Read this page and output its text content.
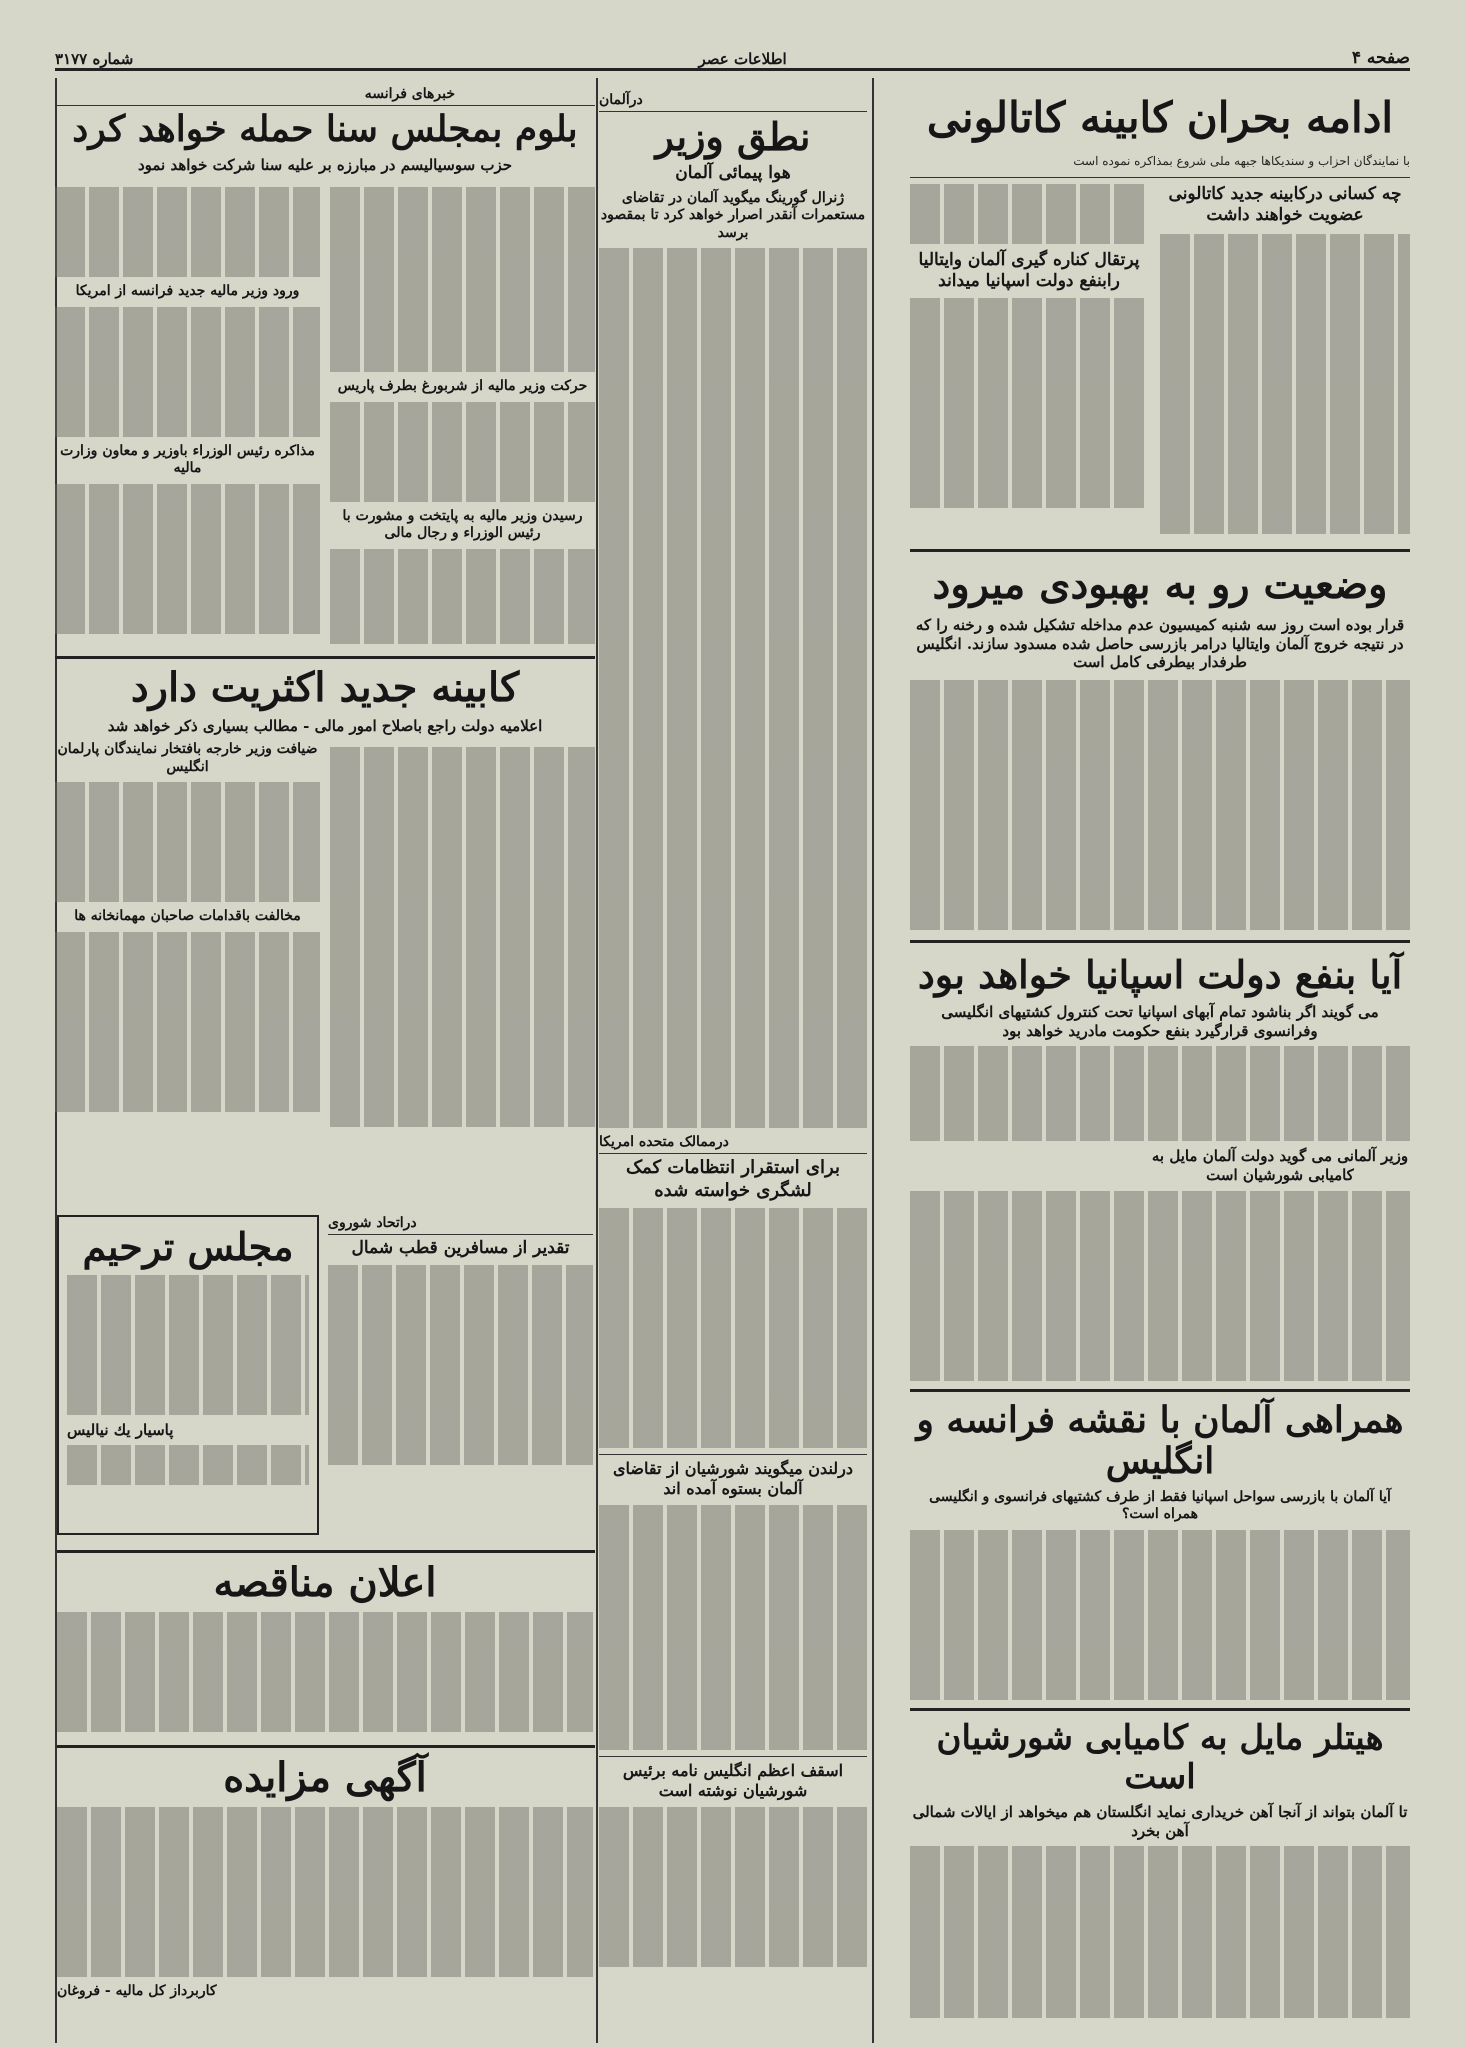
صفحه ۴
اطلاعات عصر
شماره ۳۱۷۷
ادامه بحران کابینه کاتالونی
با نمایندگان احزاب و سندیکاها جبهه ملی شروع بمذاکره نموده است
چه کسانی درکابینه جدید کاتالونی عضویت خواهند داشت
پرتقال کناره گیری آلمان وایتالیا رابنفع دولت اسپانیا میداند
وضعیت رو به بهبودی میرود
قرار بوده است روز سه شنبه کمیسیون عدم مداخله تشکیل شده و رخنه را که در نتیجه خروج آلمان وایتالیا درامر بازرسی حاصل شده مسدود سازند. انگلیس طرفدار بیطرفی کامل است
آیا بنفع دولت اسپانیا خواهد بود
می گویند اگر بناشود تمام آبهای اسپانیا تحت کنترول کشتیهای انگلیسی وفرانسوی قرارگیرد بنفع حکومت مادرید خواهد بود
وزیر آلمانی می گوید دولت آلمان مایل به کامیابی شورشیان است
همراهی آلمان با نقشه فرانسه و انگلیس
آیا آلمان با بازرسی سواحل اسپانیا فقط از طرف کشتیهای فرانسوی و انگلیسی همراه است؟
هیتلر مایل به کامیابی شورشیان است
تا آلمان بتواند از آنجا آهن خریداری نماید انگلستان هم میخواهد از ایالات شمالی آهن بخرد
درآلمان
نطق وزیر
هوا پیمائی آلمان
ژنرال گورینگ میگوید آلمان در تقاضای مستعمرات آنقدر اصرار خواهد کرد تا بمقصود برسد
درممالک متحده امریکا
برای استقرار انتظامات کمک لشگری خواسته شده
درلندن میگویند شورشیان از تقاضای آلمان بستوه آمده اند
اسقف اعظم انگلیس نامه برئیس شورشیان نوشته است
خبرهای فرانسه
بلوم بمجلس سنا حمله خواهد کرد
حزب سوسیالیسم در مبارزه بر علیه سنا شرکت خواهد نمود
حرکت وزیر مالیه از شربورغ بطرف پاریس
رسیدن وزیر مالیه به پایتخت و مشورت با رئیس الوزراء و رجال مالی
ورود وزیر مالیه جدید فرانسه از امریکا
مذاکره رئیس الوزراء باوزیر و معاون وزارت مالیه
کابینه جدید اکثریت دارد
اعلامیه دولت راجع باصلاح امور مالی - مطالب بسیاری ذکر خواهد شد
ضیافت وزیر خارجه بافتخار نمایندگان پارلمان انگلیس
مخالفت باقدامات صاحبان مهمانخانه ها
دراتحاد شوروی
تقدیر از مسافرین قطب شمال
مجلس ترحیم
پاسیار یك نیالیس
اعلان مناقصه
آگهی مزایده
کاربرداز کل مالیه - فروغان
